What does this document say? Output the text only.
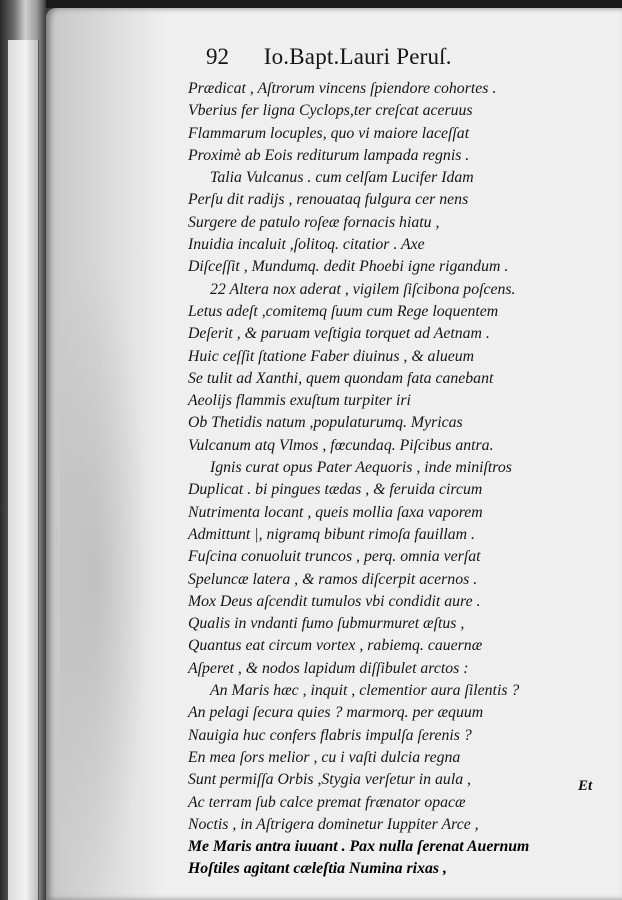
92 Io.Bapt.Lauri Peruſ.
Prædicat , Aſtrorum vincens ſpiendore cohortes .
Vberius fer ligna Cyclops,ter creſcat aceruus
Flammarum locuples, quo vi maiore laceſſat
Proximè ab Eois rediturum lampada regnis .
Talia Vulcanus . cum celſam Lucifer Idam
Perſu dit radijs , renouataq fulgura cer nens
Surgere de patulo roſeæ fornacis hiatu ,
Inuidia incaluit ,ſolitoq. citatior . Axe
Diſceſſit , Mundumq. dedit Phoebi igne rigandum .
22 Altera nox aderat , vigilem ſiſcibona poſcens.
Letus adeſt ,comitemq ſuum cum Rege loquentem
Deſerit , & paruam veſtigia torquet ad Aetnam .
Huic ceſſit ſtatione Faber diuinus , & alueum
Se tulit ad Xanthi, quem quondam fata canebant
Aeolijs flammis exuſtum turpiter iri
Ob Thetidis natum ,populaturumq. Myricas
Vulcanum atq Vlmos , fœcundaq. Piſcibus antra.
Ignis curat opus Pater Aequoris , inde miniſtros
Duplicat . bi pingues tædas , & feruida circum
Nutrimenta locant , queis mollia ſaxa vaporem
Admittunt |, nigramq bibunt rimoſa fauillam .
Fuſcina conuoluit truncos , perq. omnia verſat
Speluncæ latera , & ramos diſcerpit acernos .
Mox Deus aſcendit tumulos vbi condidit aure .
Qualis in vndanti fumo ſubmurmuret æſtus ,
Quantus eat circum vortex , rabiemq. cauernæ
Aſperet , & nodos lapidum diſſibulet arctos :
An Maris hæc , inquit , clementior aura ſilentis ?
An pelagi ſecura quies ? marmorq. per æquum
Nauigia huc confers flabris impulſa ſerenis ?
En mea ſors melior , cu i vaſti dulcia regna
Sunt permiſſa Orbis ,Stygia verſetur in aula ,
Ac terram ſub calce premat frænator opacæ
Noctis , in Aſtrigera dominetur Iuppiter Arce ,
Me Maris antra iuuant . Pax nulla ſerenat Auernum
Hoſtiles agitant cæleſtia Numina rixas ,
Et
